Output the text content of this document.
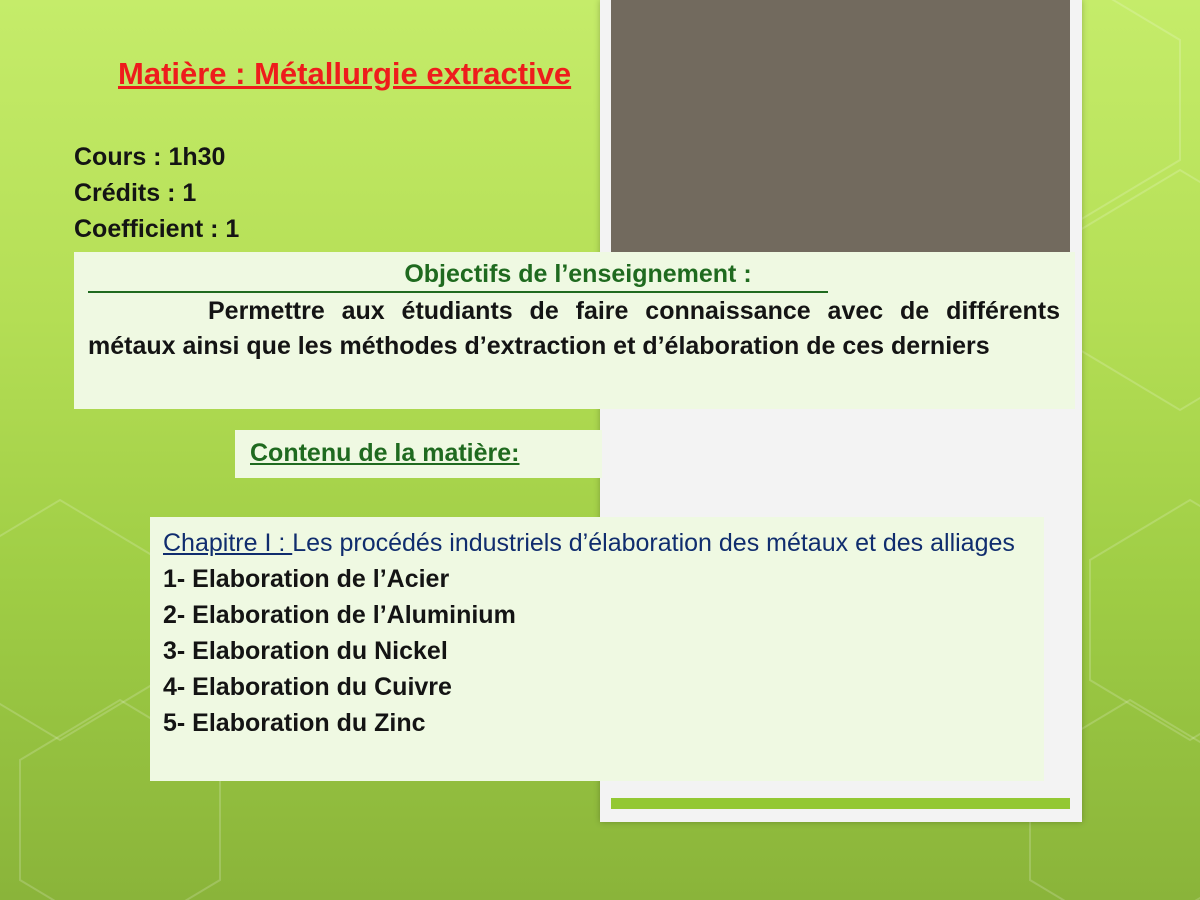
Matière : Métallurgie extractive
Cours : 1h30
Crédits : 1
Coefficient : 1
Objectifs de l’enseignement :
Permettre aux étudiants de faire connaissance avec de différents métaux ainsi que les méthodes d’extraction et d’élaboration de ces derniers
Contenu de la matière:
Chapitre I : Les procédés industriels d’élaboration des métaux et des alliages
1- Elaboration de l’Acier
2- Elaboration de l’Aluminium
3- Elaboration du Nickel
4- Elaboration du Cuivre
5- Elaboration du Zinc
